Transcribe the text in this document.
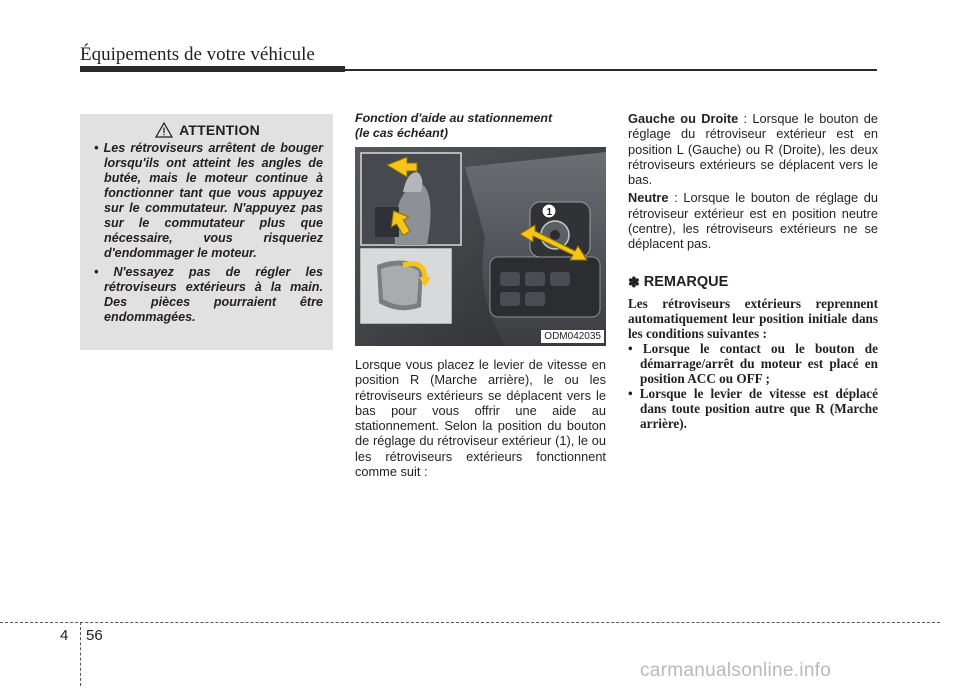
Équipements de votre véhicule
ATTENTION
• Les rétroviseurs arrêtent de bouger lorsqu'ils ont atteint les angles de butée, mais le moteur continue à fonctionner tant que vous appuyez sur le commutateur. N'appuyez pas sur le commutateur plus que nécessaire, vous risqueriez d'endommager le moteur.
• N'essayez pas de régler les rétroviseurs extérieurs à la main. Des pièces pourraient être endommagées.
Fonction d'aide au stationnement
(le cas échéant)
1
ODM042035
Lorsque vous placez le levier de vitesse en position R (Marche arrière), le ou les rétroviseurs extérieurs se déplacent vers le bas pour vous offrir une aide au stationnement. Selon la position du bouton de réglage du rétroviseur extérieur (1), le ou les rétroviseurs extérieurs fonctionnent comme suit :

Gauche ou Droite : Lorsque le bouton de réglage du rétroviseur extérieur est en position L (Gauche) ou R (Droite), les deux rétroviseurs extérieurs se déplacent vers le bas.

Neutre : Lorsque le bouton de réglage du rétroviseur extérieur est en position neutre (centre), les rétroviseurs extérieurs ne se déplacent pas.

✽ REMARQUE
Les rétroviseurs extérieurs reprennent automatiquement leur position initiale dans les conditions suivantes :
• Lorsque le contact ou le bouton de démarrage/arrêt du moteur est placé en position ACC ou OFF ;
• Lorsque le levier de vitesse est déplacé dans toute position autre que R (Marche arrière).
4 56
carmanualsonline.info
